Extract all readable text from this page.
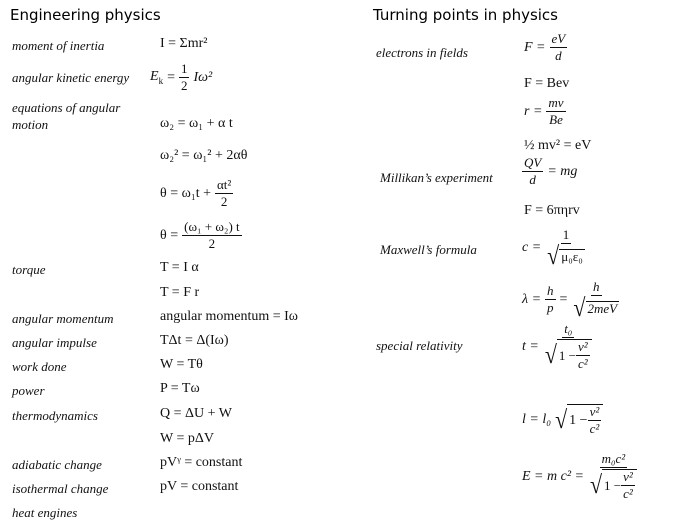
Engineering physics
moment of inertia	I = Σmr²
angular kinetic energy $E_k = \frac{1}{2} I\omega^2$
equations of angular
motion	ω₂ = ω₁ + α t
ω₂² = ω₁² + 2αθ
$\theta = \omega_1t + \frac{\text{αt²}}{2}$
$\theta = \frac{\text{(ω₁ + ω₂) t}}{2}$
torque	T = I α
T = F r
angular momentum	angular momentum = Iω
angular impulse	TΔt = Δ(Iω)
work done	W = Tθ
power	P = Tω
thermodynamics	Q = ΔU + W
W = pΔV
adiabatic change	pVᵞ = constant
isothermal change	pV = constant
heat engines
Turning points in physics
electrons in fields	$F = \frac{eV}{d}$
F = Bev
$r = \frac{mv}{Be}$
½ mv² = eV
Millikan’s experiment $\frac{QV}{d}$ = mg
F = 6πηrv
Maxwell’s formula	$c = \frac{1}{\text{√ μ₀ε₀}}$
$\lambda = \frac{h}{p} = \frac{h}{\text{√ 2meV}}$
special relativity	$t = \frac{\text{t₀}}{√ 1 - \frac{\text{v²}}{\text{c²}}}$
l = l₀ √ $1 - \frac{\text{v²}}{\text{c²}}$
E = m $c^2 = \frac{\text{m₀c²}}{√ 1 - \frac{\text{v²}}{\text{c²}}}$
